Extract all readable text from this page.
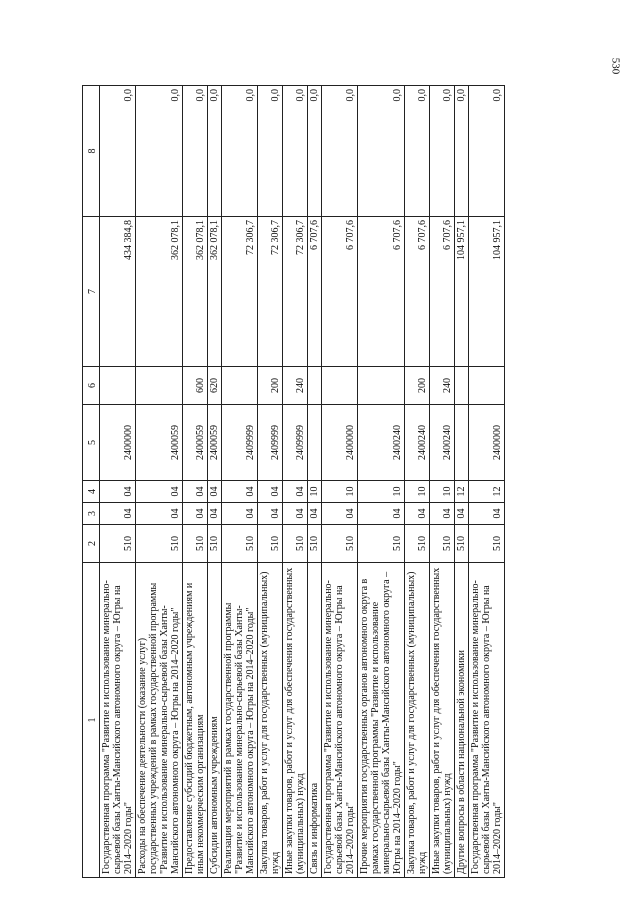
530
1	2	3	4	5	6	7	8
Государственная программа "Развитие и использование минерально-сырьевой базы Ханты-Мансийского автономного округа – Югры на 2014–2020 годы"	510	04	04	2400000		434 384,8	0,0
Расходы на обеспечение деятельности (оказание услуг) государственных учреждений в рамках государственной программы "Развитие и использование минерально-сырьевой базы Ханты-Мансийского автономного округа – Югры на 2014–2020 годы"	510	04	04	2400059		362 078,1	0,0
Предоставление субсидий бюджетным, автономным учреждениям и иным некоммерческим организациям	510	04	04	2400059	600	362 078,1	0,0
Субсидии автономным учреждениям	510	04	04	2400059	620	362 078,1	0,0
Реализация мероприятий в рамках государственной программы "Развитие и использование минерально-сырьевой базы Ханты-Мансийского автономного округа – Югры на 2014–2020 годы"	510	04	04	2409999		72 306,7	0,0
Закупка товаров, работ и услуг для государственных (муниципальных) нужд	510	04	04	2409999	200	72 306,7	0,0
Иные закупки товаров, работ и услуг для обеспечения государственных (муниципальных) нужд	510	04	04	2409999	240	72 306,7	0,0
Связь и информатика	510	04	10			6 707,6	0,0
Государственная программа "Развитие и использование минерально-сырьевой базы Ханты-Мансийского автономного округа – Югры на 2014–2020 годы"	510	04	10	2400000		6 707,6	0,0
Прочие мероприятия государственных органов автономного округа в рамках государственной программы "Развитие и использование минерально-сырьевой базы Ханты-Мансийского автономного округа – Югры на 2014–2020 годы"	510	04	10	2400240		6 707,6	0,0
Закупка товаров, работ и услуг для государственных (муниципальных) нужд	510	04	10	2400240	200	6 707,6	0,0
Иные закупки товаров, работ и услуг для обеспечения государственных (муниципальных) нужд	510	04	10	2400240	240	6 707,6	0,0
Другие вопросы в области национальной экономики	510	04	12			104 957,1	0,0
Государственная программа "Развитие и использование минерально-сырьевой базы Ханты-Мансийского автономного округа – Югры на 2014–2020 годы"	510	04	12	2400000		104 957,1	0,0
